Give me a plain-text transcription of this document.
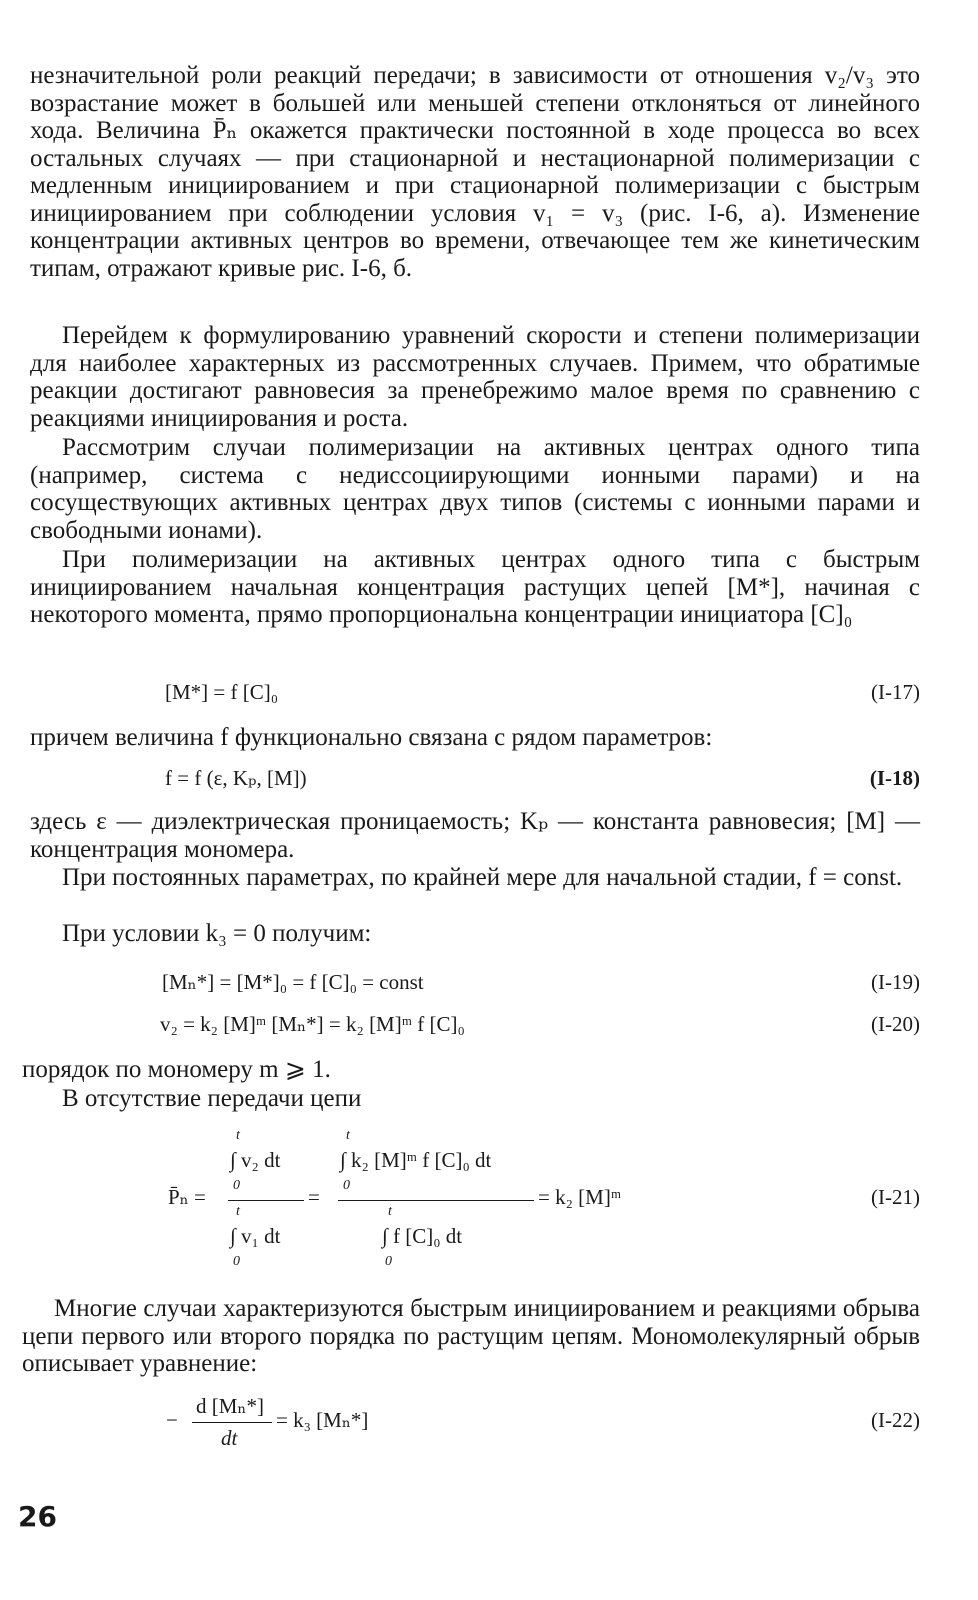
незначительной роли реакций передачи; в зависимости от отношения v₂/v₃ это возрастание может в большей или меньшей степени отклоняться от линейного хода. Величина P̄ₙ окажется практически постоянной в ходе процесса во всех остальных случаях — при стационарной и нестационарной полимеризации с медленным инициированием и при стационарной полимеризации с быстрым инициированием при соблюдении условия v₁ = v₃ (рис. I-6, а). Изменение концентрации активных центров во времени, отвечающее тем же кинетическим типам, отражают кривые рис. I-6, б.

Перейдем к формулированию уравнений скорости и степени полимеризации для наиболее характерных из рассмотренных случаев. Примем, что обратимые реакции достигают равновесия за пренебрежимо малое время по сравнению с реакциями инициирования и роста.

Рассмотрим случаи полимеризации на активных центрах одного типа (например, система с недиссоциирующими ионными парами) и на сосуществующих активных центрах двух типов (системы с ионными парами и свободными ионами).

При полимеризации на активных центрах одного типа с быстрым инициированием начальная концентрация растущих цепей [M*], начиная с некоторого момента, прямо пропорциональна концентрации инициатора [C]₀

[M*] = f [C]₀	(I-17)

причем величина f функционально связана с рядом параметров:

f = f (ε, Kₚ, [M])	(I-18)

здесь ε — диэлектрическая проницаемость; Kₚ — константа равновесия; [M] — концентрация мономера.

При постоянных параметрах, по крайней мере для начальной стадии, f = const.

При условии k₃ = 0 получим:

[Mₙ*] = [M*]₀ = f [C]₀ = const	(I-19)
v₂ = k₂ [M]ᵐ [Mₙ*] = k₂ [M]ᵐ f [C]₀	(I-20)

порядок по мономеру m ⩾ 1.

В отсутствие передачи цепи

P̄ₙ =
t
∫ v₂ dt
0
t
∫ v₁ dt
0
=
t
∫ k₂ [M]ᵐ f [C]₀ dt
0
t
∫ f [C]₀ dt
0
= k₂ [M]ᵐ	(I-21)

Многие случаи характеризуются быстрым инициированием и реакциями обрыва цепи первого или второго порядка по растущим цепям. Мономолекулярный обрыв описывает уравнение:

−
d [Mₙ*]
dt
= k₃ [Mₙ*]	(I-22)
26
